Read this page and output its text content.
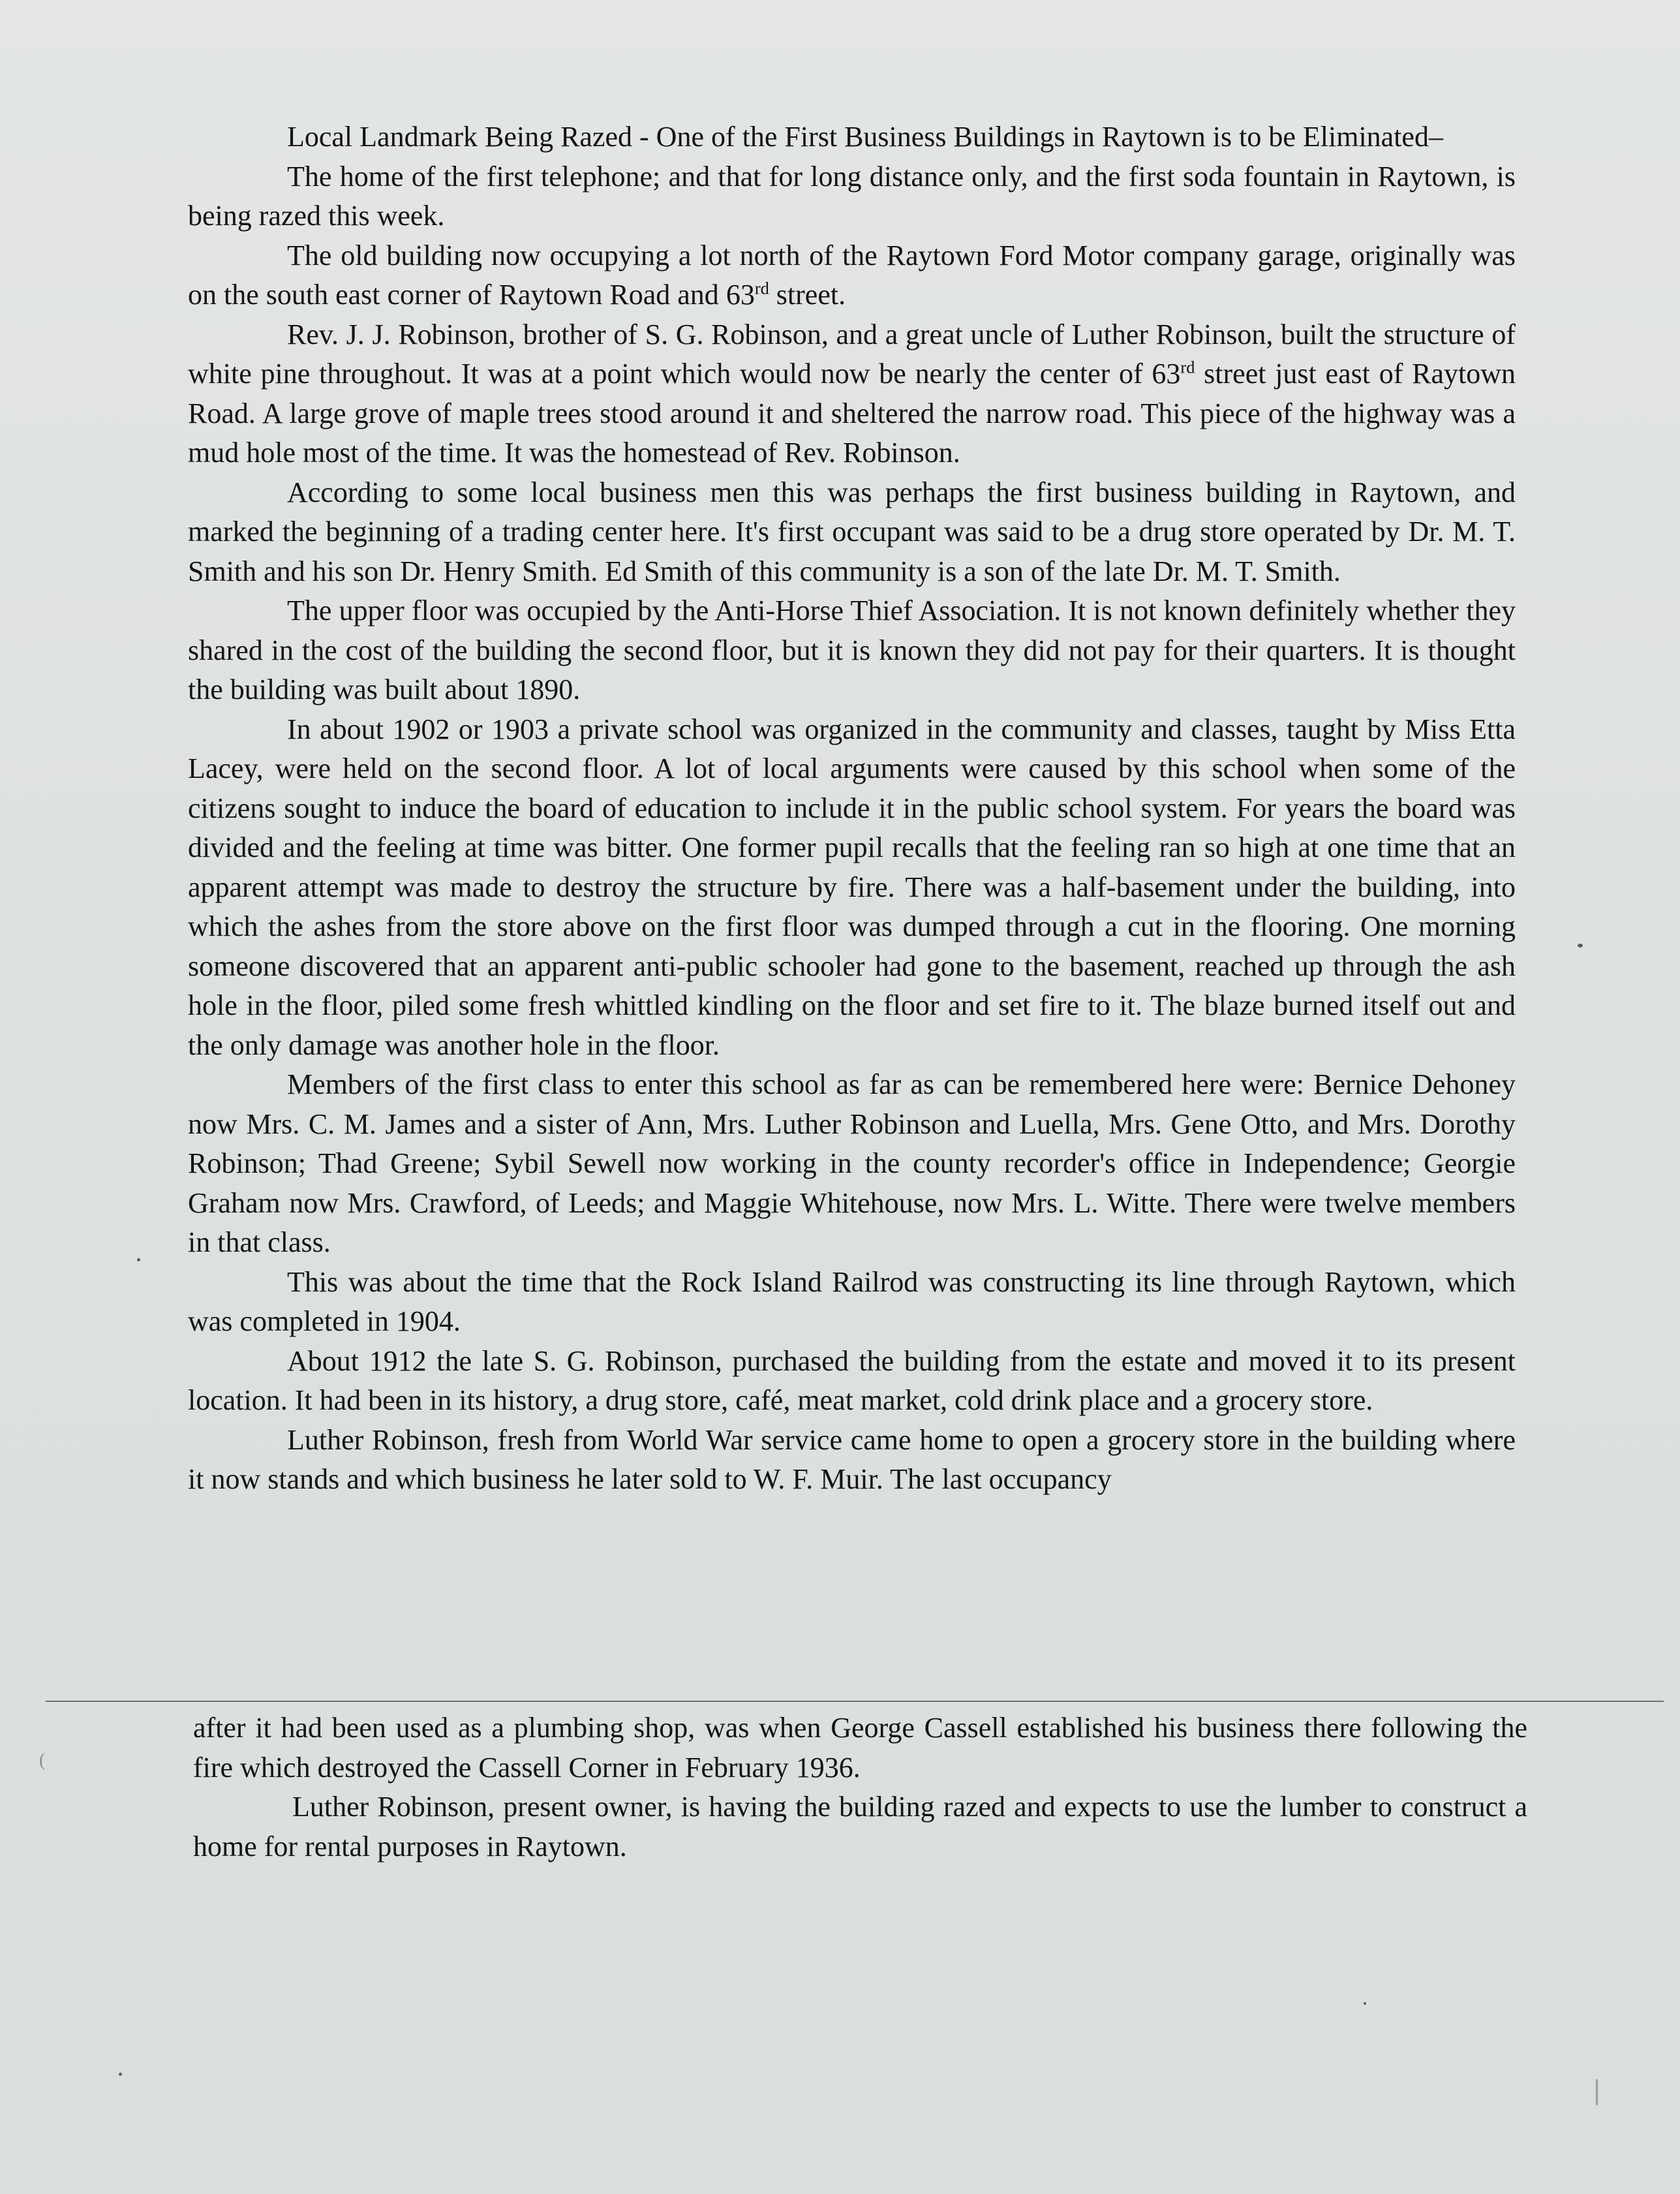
Local Landmark Being Razed - One of the First Business Buildings in Raytown is to be Eliminated–

The home of the first telephone; and that for long distance only, and the first soda fountain in Raytown, is being razed this week.

The old building now occupying a lot north of the Raytown Ford Motor company garage, originally was on the south east corner of Raytown Road and 63rd street.

Rev. J. J. Robinson, brother of S. G. Robinson, and a great uncle of Luther Robinson, built the structure of white pine throughout. It was at a point which would now be nearly the center of 63rd street just east of Raytown Road. A large grove of maple trees stood around it and sheltered the narrow road. This piece of the highway was a mud hole most of the time. It was the homestead of Rev. Robinson.

According to some local business men this was perhaps the first business building in Raytown, and marked the beginning of a trading center here. It's first occupant was said to be a drug store operated by Dr. M. T. Smith and his son Dr. Henry Smith. Ed Smith of this community is a son of the late Dr. M. T. Smith.

The upper floor was occupied by the Anti-Horse Thief Association. It is not known definitely whether they shared in the cost of the building the second floor, but it is known they did not pay for their quarters. It is thought the building was built about 1890.

In about 1902 or 1903 a private school was organized in the community and classes, taught by Miss Etta Lacey, were held on the second floor. A lot of local arguments were caused by this school when some of the citizens sought to induce the board of education to include it in the public school system. For years the board was divided and the feeling at time was bitter. One former pupil recalls that the feeling ran so high at one time that an apparent attempt was made to destroy the structure by fire. There was a half-basement under the building, into which the ashes from the store above on the first floor was dumped through a cut in the flooring. One morning someone discovered that an apparent anti-public schooler had gone to the basement, reached up through the ash hole in the floor, piled some fresh whittled kindling on the floor and set fire to it. The blaze burned itself out and the only damage was another hole in the floor.

Members of the first class to enter this school as far as can be remembered here were: Bernice Dehoney now Mrs. C. M. James and a sister of Ann, Mrs. Luther Robinson and Luella, Mrs. Gene Otto, and Mrs. Dorothy Robinson; Thad Greene; Sybil Sewell now working in the county recorder's office in Independence; Georgie Graham now Mrs. Crawford, of Leeds; and Maggie Whitehouse, now Mrs. L. Witte. There were twelve members in that class.

This was about the time that the Rock Island Railrod was constructing its line through Raytown, which was completed in 1904.

About 1912 the late S. G. Robinson, purchased the building from the estate and moved it to its present location. It had been in its history, a drug store, café, meat market, cold drink place and a grocery store.

Luther Robinson, fresh from World War service came home to open a grocery store in the building where it now stands and which business he later sold to W. F. Muir. The last occupancy

after it had been used as a plumbing shop, was when George Cassell established his business there following the fire which destroyed the Cassell Corner in February 1936.

Luther Robinson, present owner, is having the building razed and expects to use the lumber to construct a home for rental purposes in Raytown.

(
